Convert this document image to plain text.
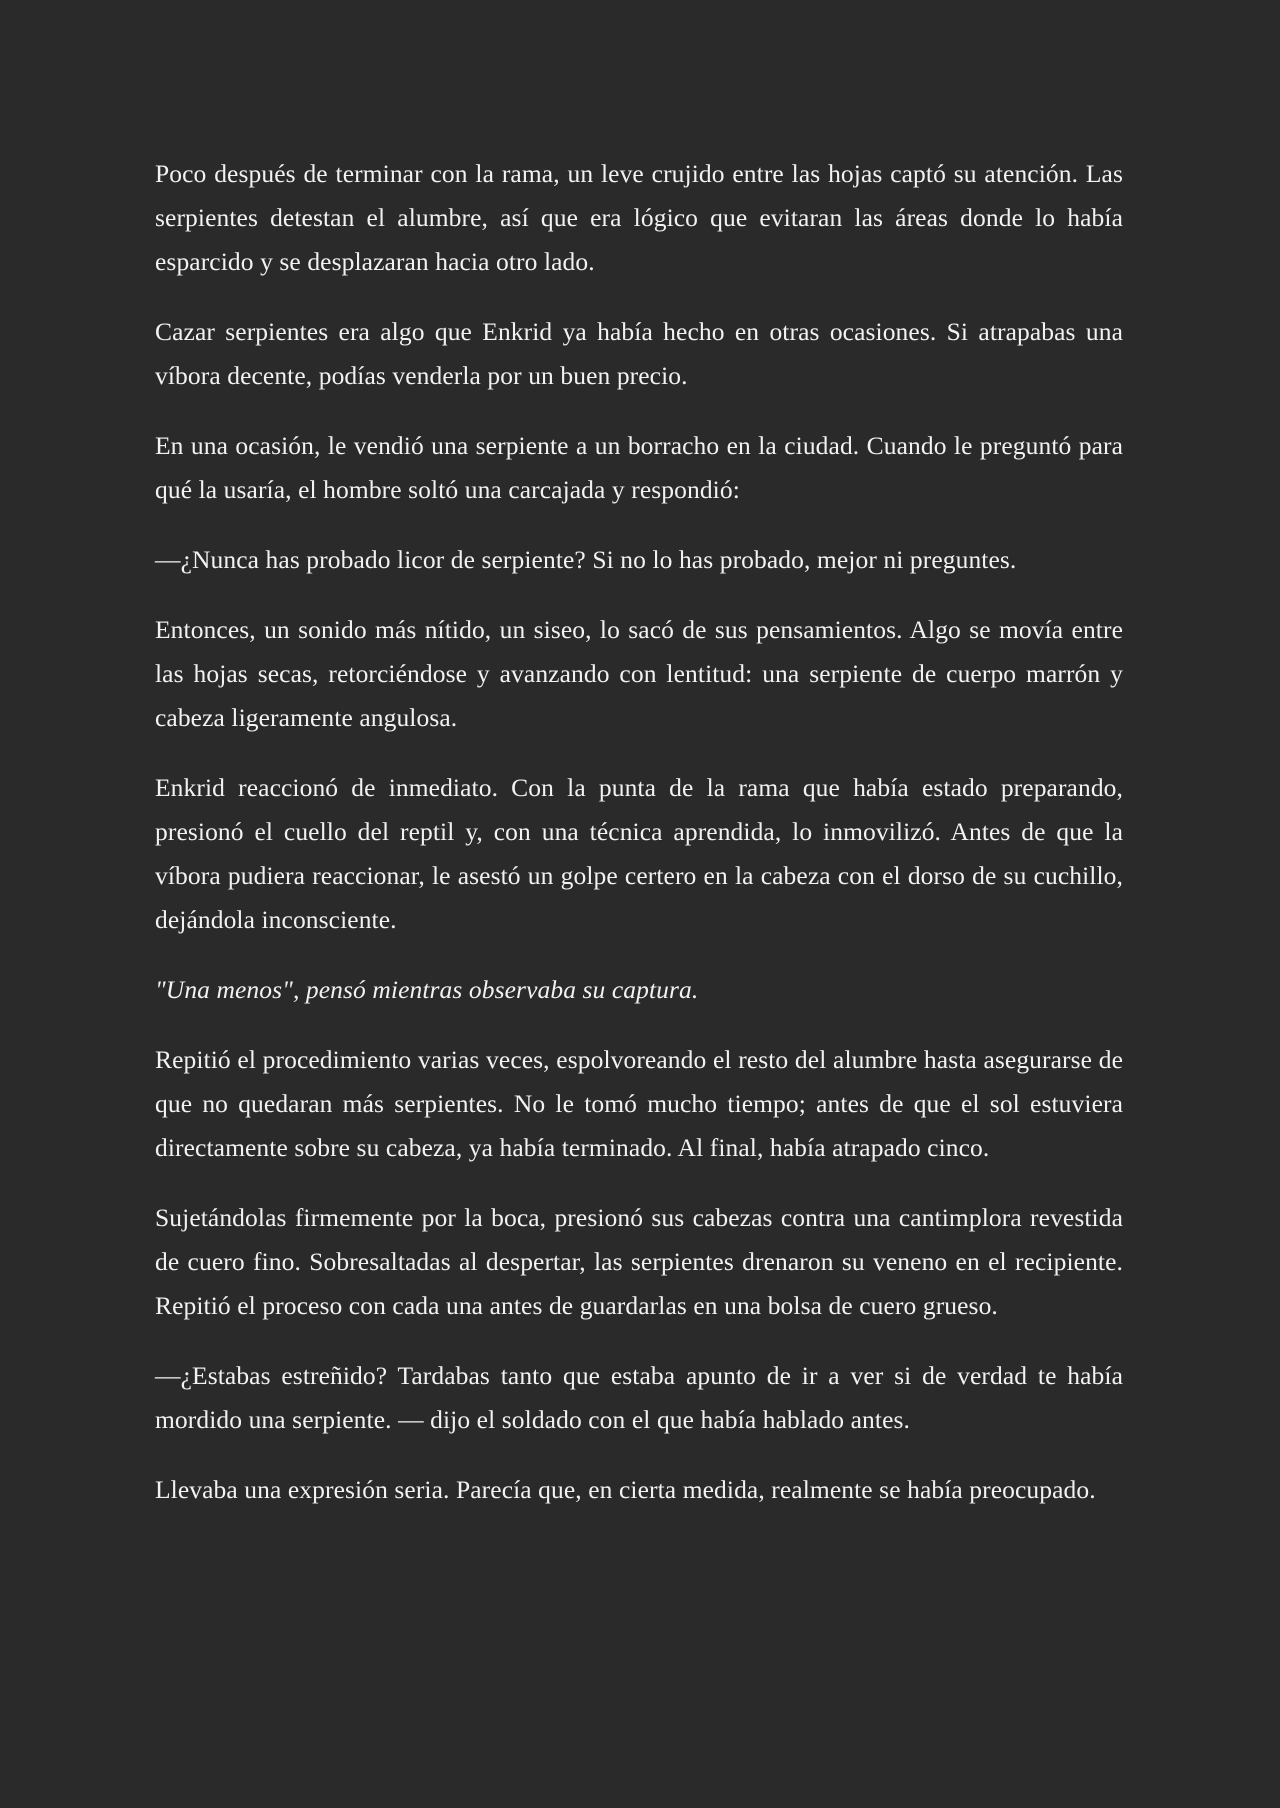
Poco después de terminar con la rama, un leve crujido entre las hojas captó su atención. Las serpientes detestan el alumbre, así que era lógico que evitaran las áreas donde lo había esparcido y se desplazaran hacia otro lado.

Cazar serpientes era algo que Enkrid ya había hecho en otras ocasiones. Si atrapabas una víbora decente, podías venderla por un buen precio.

En una ocasión, le vendió una serpiente a un borracho en la ciudad. Cuando le preguntó para qué la usaría, el hombre soltó una carcajada y respondió:

—¿Nunca has probado licor de serpiente? Si no lo has probado, mejor ni preguntes.

Entonces, un sonido más nítido, un siseo, lo sacó de sus pensamientos. Algo se movía entre las hojas secas, retorciéndose y avanzando con lentitud: una serpiente de cuerpo marrón y cabeza ligeramente angulosa.

Enkrid reaccionó de inmediato. Con la punta de la rama que había estado preparando, presionó el cuello del reptil y, con una técnica aprendida, lo inmovilizó. Antes de que la víbora pudiera reaccionar, le asestó un golpe certero en la cabeza con el dorso de su cuchillo, dejándola inconsciente.

"Una menos", pensó mientras observaba su captura.

Repitió el procedimiento varias veces, espolvoreando el resto del alumbre hasta asegurarse de que no quedaran más serpientes. No le tomó mucho tiempo; antes de que el sol estuviera directamente sobre su cabeza, ya había terminado. Al final, había atrapado cinco.

Sujetándolas firmemente por la boca, presionó sus cabezas contra una cantimplora revestida de cuero fino. Sobresaltadas al despertar, las serpientes drenaron su veneno en el recipiente. Repitió el proceso con cada una antes de guardarlas en una bolsa de cuero grueso.

—¿Estabas estreñido? Tardabas tanto que estaba apunto de ir a ver si de verdad te había mordido una serpiente. — dijo el soldado con el que había hablado antes.

Llevaba una expresión seria. Parecía que, en cierta medida, realmente se había preocupado.
